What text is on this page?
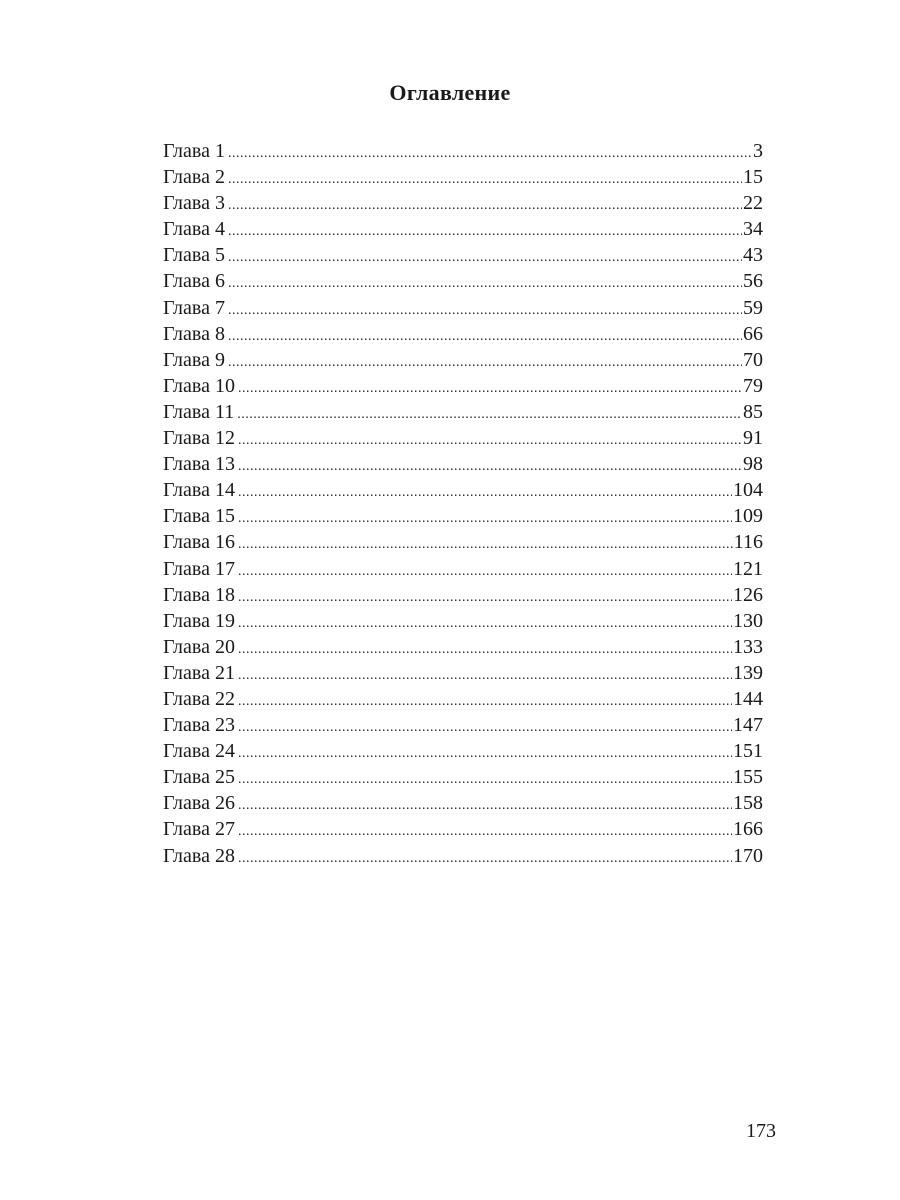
Оглавление
Глава 1 .....	3
Глава 2 .....	15
Глава 3 .....	22
Глава 4 .....	34
Глава 5 .....	43
Глава 6 .....	56
Глава 7 .....	59
Глава 8 .....	66
Глава 9 .....	70
Глава 10 .....	79
Глава 11 .....	85
Глава 12 .....	91
Глава 13 .....	98
Глава 14 .....	104
Глава 15 .....	109
Глава 16 .....	116
Глава 17 .....	121
Глава 18 .....	126
Глава 19 .....	130
Глава 20 .....	133
Глава 21 .....	139
Глава 22 .....	144
Глава 23 .....	147
Глава 24 .....	151
Глава 25 .....	155
Глава 26 .....	158
Глава 27 .....	166
Глава 28 .....	170
173
